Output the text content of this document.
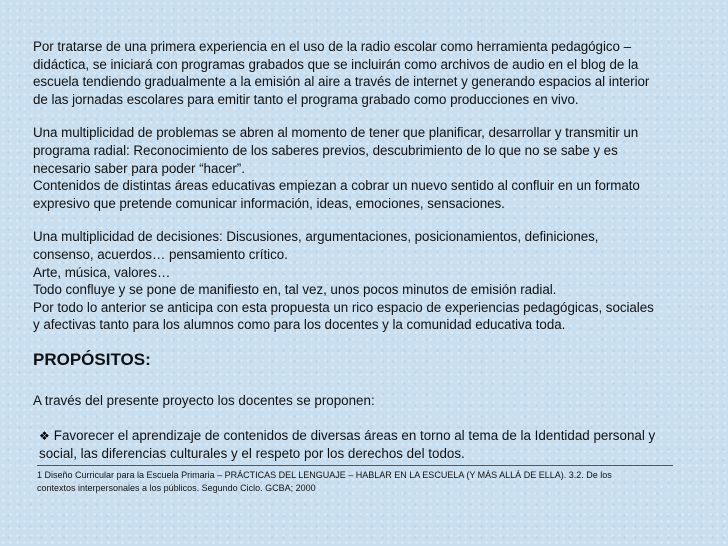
Por tratarse de una primera experiencia en el uso de la radio escolar como herramienta pedagógico –
didáctica, se iniciará con programas grabados que se incluirán como archivos de audio en el blog de la
escuela tendiendo gradualmente a la emisión al aire a través de internet y generando espacios al interior
de las jornadas escolares para emitir tanto el programa grabado como producciones en vivo.
Una multiplicidad de problemas se abren al momento de tener que planificar, desarrollar y transmitir un
programa radial: Reconocimiento de los saberes previos, descubrimiento de lo que no se sabe y es
necesario saber para poder “hacer”.
Contenidos de distintas áreas educativas empiezan a cobrar un nuevo sentido al confluir en un formato
expresivo que pretende comunicar información, ideas, emociones, sensaciones.
Una multiplicidad de decisiones: Discusiones, argumentaciones, posicionamientos, definiciones,
consenso, acuerdos… pensamiento crítico.
Arte, música, valores…
Todo confluye y se pone de manifiesto en, tal vez, unos pocos minutos de emisión radial.
Por todo lo anterior se anticipa con esta propuesta un rico espacio de experiencias pedagógicas, sociales
y afectivas tanto para los alumnos como para los docentes y la comunidad educativa toda.
PROPÓSITOS:
A través del presente proyecto los docentes se proponen:
❖ Favorecer el aprendizaje de contenidos de diversas áreas en torno al tema de la Identidad personal y
social, las diferencias culturales y el respeto por los derechos del todos.
1 Diseño Curricular para la Escuela Primaria – PRÁCTICAS DEL LENGUAJE – HABLAR EN LA ESCUELA (Y MÁS ALLÁ DE ELLA). 3.2. De los
contextos interpersonales a los públicos. Segundo Ciclo. GCBA; 2000
